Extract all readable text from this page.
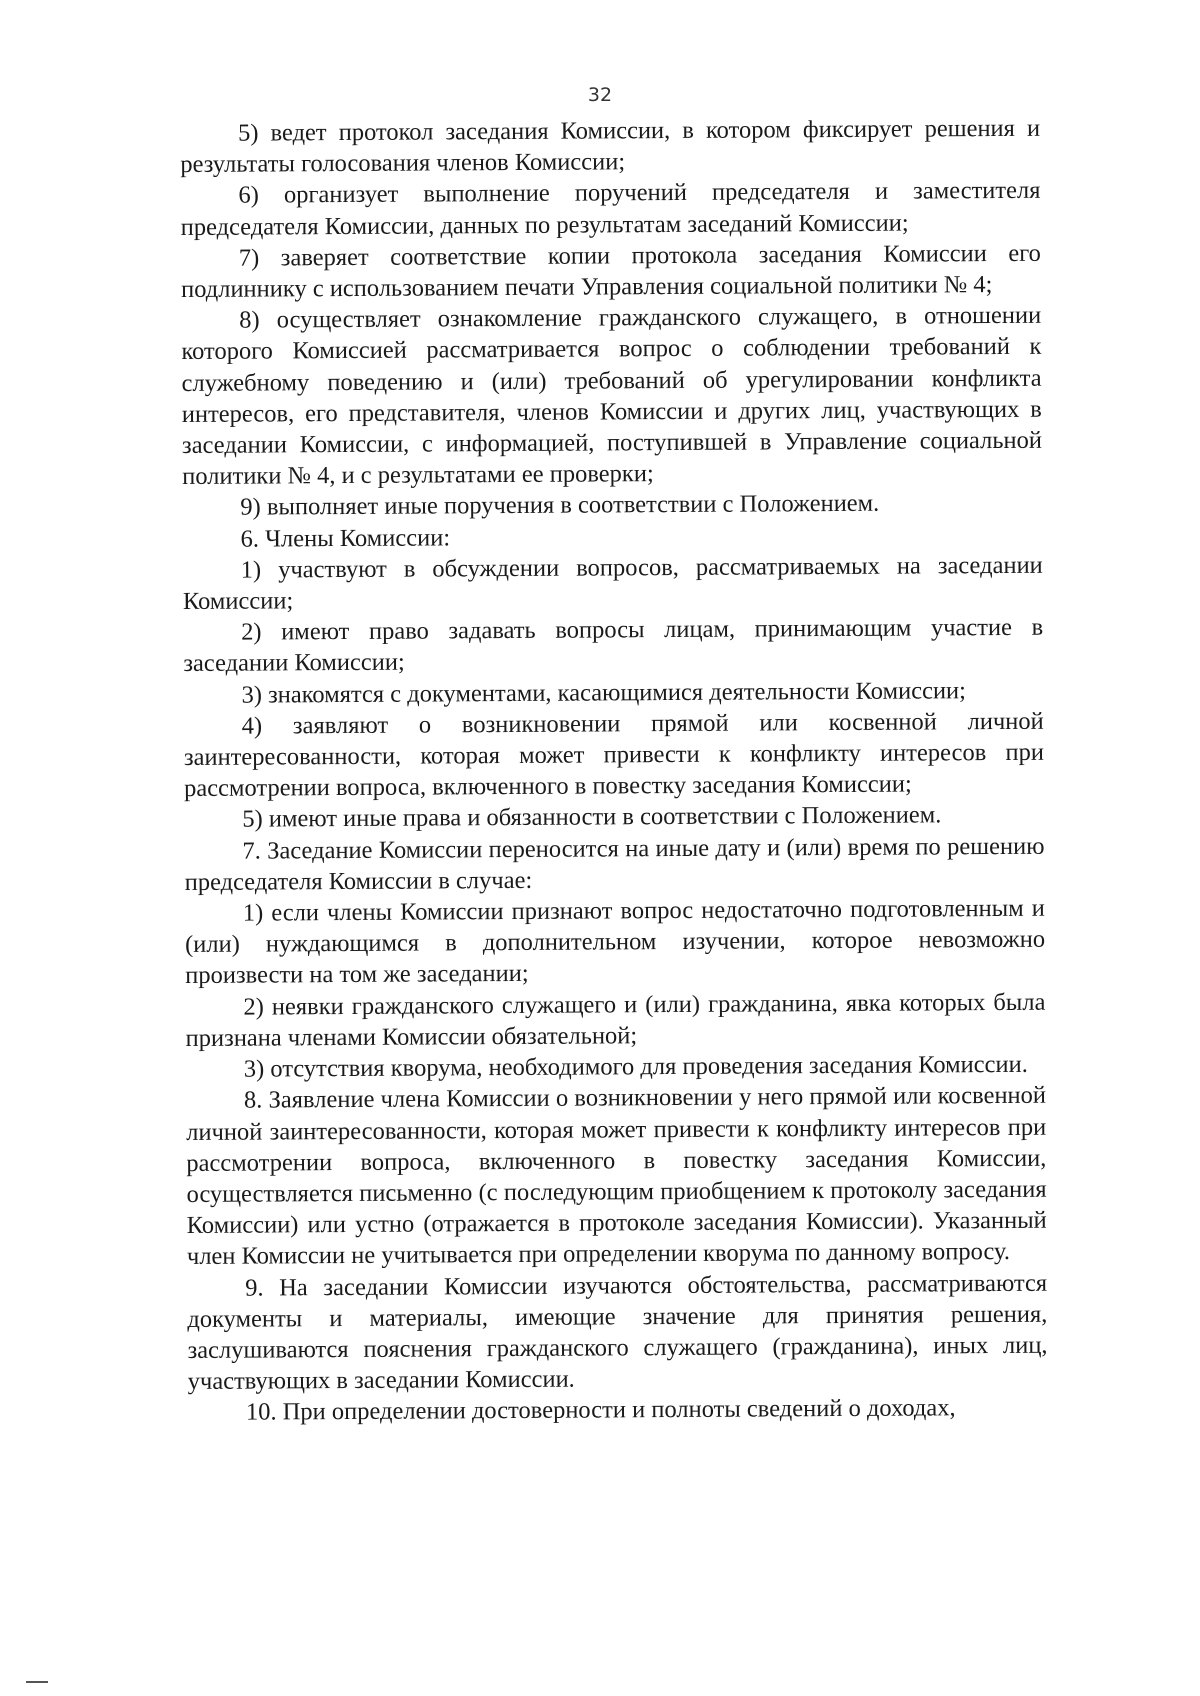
32

5) ведет протокол заседания Комиссии, в котором фиксирует решения и результаты голосования членов Комиссии;

6) организует выполнение поручений председателя и заместителя председателя Комиссии, данных по результатам заседаний Комиссии;

7) заверяет соответствие копии протокола заседания Комиссии его подлиннику с использованием печати Управления социальной политики № 4;

8) осуществляет ознакомление гражданского служащего, в отношении которого Комиссией рассматривается вопрос о соблюдении требований к служебному поведению и (или) требований об урегулировании конфликта интересов, его представителя, членов Комиссии и других лиц, участвующих в заседании Комиссии, с информацией, поступившей в Управление социальной политики № 4, и с результатами ее проверки;

9) выполняет иные поручения в соответствии с Положением.

6. Члены Комиссии:

1) участвуют в обсуждении вопросов, рассматриваемых на заседании Комиссии;

2) имеют право задавать вопросы лицам, принимающим участие в заседании Комиссии;

3) знакомятся с документами, касающимися деятельности Комиссии;

4) заявляют о возникновении прямой или косвенной личной заинтересованности, которая может привести к конфликту интересов при рассмотрении вопроса, включенного в повестку заседания Комиссии;

5) имеют иные права и обязанности в соответствии с Положением.

7. Заседание Комиссии переносится на иные дату и (или) время по решению председателя Комиссии в случае:

1) если члены Комиссии признают вопрос недостаточно подготовленным и (или) нуждающимся в дополнительном изучении, которое невозможно произвести на том же заседании;

2) неявки гражданского служащего и (или) гражданина, явка которых была признана членами Комиссии обязательной;

3) отсутствия кворума, необходимого для проведения заседания Комиссии.

8. Заявление члена Комиссии о возникновении у него прямой или косвенной личной заинтересованности, которая может привести к конфликту интересов при рассмотрении вопроса, включенного в повестку заседания Комиссии, осуществляется письменно (с последующим приобщением к протоколу заседания Комиссии) или устно (отражается в протоколе заседания Комиссии). Указанный член Комиссии не учитывается при определении кворума по данному вопросу.

9. На заседании Комиссии изучаются обстоятельства, рассматриваются документы и материалы, имеющие значение для принятия решения, заслушиваются пояснения гражданского служащего (гражданина), иных лиц, участвующих в заседании Комиссии.

10. При определении достоверности и полноты сведений о доходах,
